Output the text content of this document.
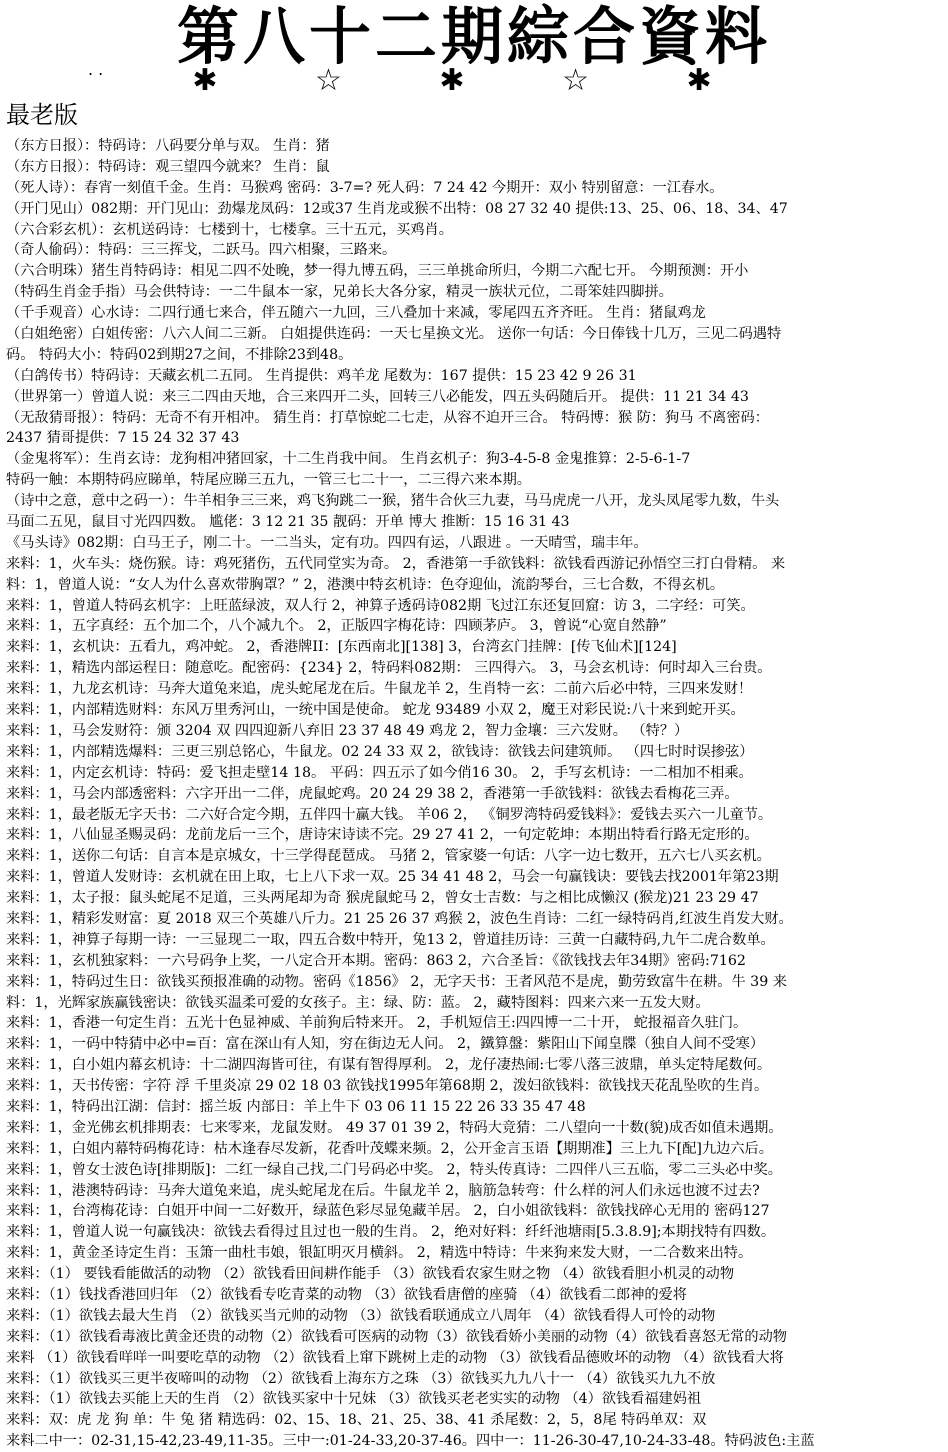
第八十二期綜合資料
. .	✱ ☆ ✱ ☆ ✱
最老版
（东方日报）：特码诗：八码要分单与双。 生肖：猪
（东方日报）：特码诗：观三望四今就来？ 生肖：鼠
（死人诗）：春宵一刻值千金。生肖：马猴鸡 密码：3-7=? 死人码：7 24 42 今期开：双小 特别留意：一江春水。
（开门见山）082期：开门见山：劲爆龙凤码：12或37 生肖龙或猴不出特：08 27 32 40 提供:13、25、06、18、34、47
（六合彩玄机）：玄机送码诗：七楼到十，七楼拿。三十五元，买鸡肖。
（奇人偷码）：特码：三三挥戈，二跃马。四六相聚，三路来。
（六合明珠）猪生肖特码诗：相见二四不处晚，梦一得九博五码，三三单挑命所归，今期二六配七开。 今期预测：开小
（特码生肖金手指）马会供特诗：一二牛鼠本一家，兄弟长大各分家，精灵一族状元位，二哥笨娃四脚拼。
（千手观音）心水诗：二四行通七来合，伴五随六一九回，三八叠加十来减，零尾四五齐齐旺。 生肖：猪鼠鸡龙
（白姐绝密）白姐传密：八六人间二三新。 白姐提供连码：一天七星换文光。 送你一句话：今日俸钱十几万，三见二码遇特
码。 特码大小：特码02到期27之间，不排除23到48。
（白鸽传书）特码诗：天藏玄机二五同。 生肖提供：鸡羊龙 尾数为：167 提供：15 23 42 9 26 31
（世界第一）曾道人说：来三二四由天地，合三来四开二头，回转三八必能发，四五头码随后开。 提供：11 21 34 43
（无敌猜哥报）：特码：无奇不有开相冲。 猜生肖：打草惊蛇二七走，从容不迫开三合。 特码博：猴 防：狗马 不离密码：
2437 猜哥提供：7 15 24 32 37 43
（金鬼将军）：生肖玄诗：龙狗相冲猪回家，十二生肖我中间。 生肖玄机子：狗3-4-5-8 金鬼推算：2-5-6-1-7
特码一触：本期特码应睇单，特尾应睇三五九，一管三七二十一，二三得六来本期。
（诗中之意，意中之码一）：牛羊相争三三来，鸡飞狗跳二一猴，猪牛合伙三九妻，马马虎虎一八开，龙头凤尾零九数，牛头
马面二五见，鼠目寸光四四数。 尴佬：3 12 21 35 靓码：开单 博大 推断：15 16 31 43
《马头诗》082期：白马王子，刚二十。一二当头，定有功。四四有运，八跟进 。一天晴雪，瑞丰年。
来料：1，火车头：烧伤猴。诗：鸡死猪伤，五代同堂实为奇。 2，香港第一手欲钱料：欲钱看西游记孙悟空三打白骨精。 来
料：1，曾道人说：“女人为什么喜欢带胸罩？” 2，港澳中特玄机诗：色夺迎仙，流韵琴台，三七合数，不得玄机。
来料：1，曾道人特码玄机字：上旺蓝绿波，双人行 2，神算子透码诗082期 飞过江东还复回窟：访 3，二字经：可笑。
来料：1，五字真经：五个加二个，八个减九个。 2，正版四字梅花诗：四顾茅庐。 3，曾说“心宽自然静”
来料：1，玄机诀：五看九，鸡冲蛇。 2，香港牌II：[东西南北][138] 3，台湾玄门挂牌：[传飞仙术][124]
来料：1，精选内部运程日：随意吃。配密码：{234} 2，特码料082期： 三四得六。 3，马会玄机诗：何时却入三台贵。
来料：1，九龙玄机诗：马奔大道兔来追，虎头蛇尾龙在后。牛鼠龙羊 2，生肖特一玄：二前六后必中特，三四来发财！
来料：1，内部精选财料：东风万里秀河山，一统中国是使命。 蛇龙 93489 小双 2，魔王对彩民说:八十来到蛇开买。
来料：1，马会发财符：颁 3204 双 四四迎新八弃旧 23 37 48 49 鸡龙 2，智力金壤：三六发财。 （特？）
来料：1，内部精选爆料：三更三别总铭心，牛鼠龙。02 24 33 双 2，欲钱诗：欲钱去问建筑师。 （四七时时误掺弦）
来料：1，内定玄机诗：特码：爱飞担走壁14 18。 平码：四五示了如今俏16 30。 2，手写玄机诗：一二相加不相乘。
来料：1，马会内部透密料：六字开出一二伴，虎鼠蛇鸡。20 24 29 38 2，香港第一手欲钱料：欲钱去看梅花三弄。
来料：1，最老版无字天书：二六好合定今期，五伴四十赢大钱。 羊06 2， 《铜罗湾特码爱钱料》：爱钱去买六一儿童节。
来料：1，八仙显圣赐灵码：龙前龙后一三个，唐诗宋诗读不完。29 27 41 2，一句定乾坤：本期出特看行路无定形的。
来料：1，送你二句话：自言本是京城女，十三学得琵琶成。 马猪 2，管家婆一句话：八字一边七数开，五六七八买玄机。
来料：1，曾道人发财诗：玄机就在田上取，七上八下求一双。25 34 41 48 2，马会一句赢钱诀：要钱去找2001年第23期
来料：1，太子报：鼠头蛇尾不足道，三头两尾却为奇 猴虎鼠蛇马 2，曾女士吉数：与之相比成懒汉 (猴龙)21 23 29 47
来料：1，精彩发财富：夏 2018 双三个英雄八斤力。21 25 26 37 鸡猴 2，波色生肖诗：二红一绿特码肖,红波生肖发大财。
来料：1，神算子每期一诗：一三显现二一取，四五合数中特开，兔13 2，曾道挂历诗：三黄一白藏特码,九午二虎合数单。
来料：1，玄机独家料：一六号码争上奖，一八定合开本期。密码：863 2，六合圣旨：《欲钱找去年34期》密码:7162
来料：1，特码过生日：欲钱买预报准确的动物。密码《1856》 2，无字天书：王者风范不是虎，勤劳致富牛在耕。牛 39 来
料：1，光辉家族赢钱密诀：欲钱买温柔可爱的女孩子。主：绿、防：蓝。 2，藏特图料：四来六来一五发大财。
来料：1，香港一句定生肖：五光十色显神威、羊前狗后特来开。 2，手机短信王:四四博一二十开， 蛇报福音久驻门。
来料：1，一码中特猜中必中=百：富在深山有人知，穷在街边无人问。 2，鐵算盤：紫阳山下闻皇牒（独自人间不受寒）
来料：1，白小姐内幕玄机诗：十二湖四海皆可往，有谋有智得厚利。 2，龙仔凄热闹:七零八落三波鼎，单头定特尾数何。
来料：1，天书传密：字符 浮 千里炎凉 29 02 18 03 欲钱找1995年第68期 2，泼妇欲钱料：欲钱找天花乱坠吹的生肖。
来料：1，特码出江湖：信封：摇兰坂 内部日：羊上牛下 03 06 11 15 22 26 33 35 47 48
来料：1，金光佛玄机排期表：七来零来，龙鼠发财。 49 37 01 39 2，特码大竞猜：二八望向一十数(貌)成否如值未遇期。
来料：1，白姐内幕特码梅花诗：枯木逢春尽发新，花香叶茂蝶来频。2，公开金言玉语【期期准】三上九下[配]九边六后。
来料：1，曾女士波色诗[排期版]：二红一绿自己找,二门号码必中奖。 2，特头传真诗：二四伴八三五临，零二三头必中奖。
来料：1，港澳特码诗：马奔大道兔来追，虎头蛇尾龙在后。牛鼠龙羊 2，脑筋急转弯：什么样的河人们永远也渡不过去?
来料：1，台湾梅花诗：白姐开中间一二好数开，绿蓝色彩尽显兔藏羊居。 2，白小姐欲钱料：欲钱找碎心无用的 密码127
来料：1，曾道人说一句赢钱决：欲钱去看得过且过也一般的生肖。 2，绝对好料：纤纤池塘雨[5.3.8.9];本期找特有四数。
来料：1，黄金圣诗定生肖：玉箫一曲杜韦娘，银缸明灭月横斜。 2，精选中特诗：牛来狗来发大财，一二合数来出特。
来料：（1） 要钱看能做活的动物 （2）欲钱看田间耕作能手 （3）欲钱看农家生财之物 （4）欲钱看胆小机灵的动物
来料：（1）钱找香港回归年 （2）欲钱看专吃青菜的动物 （3）欲钱看唐僧的座骑 （4）欲钱看二郎神的爱将
来料：（1）欲钱去最大生肖 （2）欲钱买当元帅的动物 （3）欲钱看联通成立八周年 （4）欲钱看得人可怜的动物
来料：（1）欲钱看毒液比黄金还贵的动物（2）欲钱看可医病的动物（3）欲钱看娇小美丽的动物（4）欲钱看喜怒无常的动物
来料 （1）欲钱看咩咩一叫要吃草的动物 （2）欲钱看上窜下跳树上走的动物 （3）欲钱看品德败坏的动物 （4）欲钱看大将
来料：（1）欲钱买三更半夜啼叫的动物 （2）欲钱看上海东方之珠 （3）欲钱买九九八十一 （4）欲钱买九九不放
来料：（1）欲钱去买能上天的生肖 （2）欲钱买家中十兄妹 （3）欲钱买老老实实的动物 （4）欲钱看福建妈祖
来料：双：虎 龙 狗 单：牛 兔 猪 精选码：02、15、18、21、25、38、41 杀尾数：2，5，8尾 特码单双：双
来料二中一：02-31,15-42,23-49,11-35。三中一:01-24-33,20-37-46。四中一：11-26-30-47,10-24-33-48。特码波色:主蓝
